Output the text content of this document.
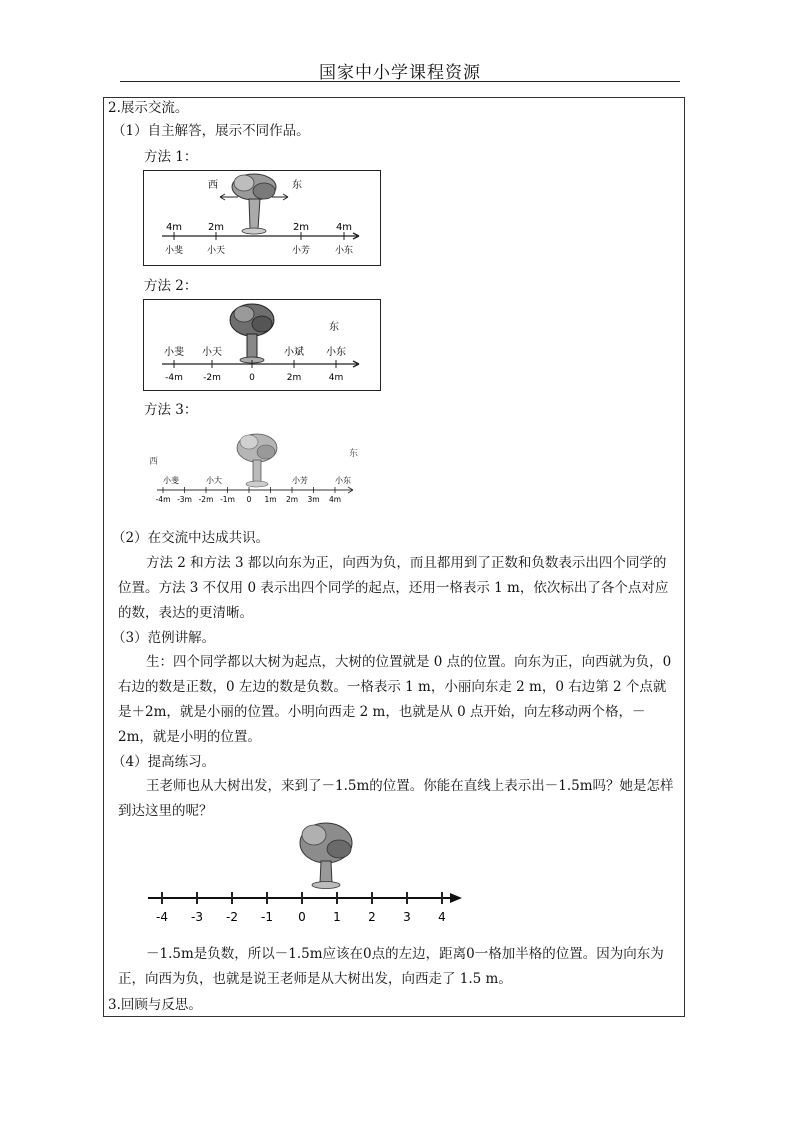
国家中小学课程资源
2.展示交流。
（1）自主解答，展示不同作品。
方法 1：
西	东
4m	2m	2m	4m
小斐	小天	小芳	小东
方法 2：
东
小斐 小天	小斌 小东
-4m -2m	0	2m	4m
方法 3：
西
东
小斐	小大	小芳	小东
-4m -3m -2m -1m 0 1m 2m 3m 4m
（2）在交流中达成共识。
方法 2 和方法 3 都以向东为正，向西为负，而且都用到了正数和负数表示出四个同学的位置。方法 3 不仅用 0 表示出四个同学的起点，还用一格表示 1 m，依次标出了各个点对应的数，表达的更清晰。
（3）范例讲解。
生：四个同学都以大树为起点，大树的位置就是 0 点的位置。向东为正，向西就为负，0 右边的数是正数，0 左边的数是负数。一格表示 1 m，小丽向东走 2 m，0 右边第 2 个点就是＋2m，就是小丽的位置。小明向西走 2 m，也就是从 0 点开始，向左移动两个格，－2m，就是小明的位置。
（4）提高练习。
王老师也从大树出发，来到了－1.5m的位置。你能在直线上表示出－1.5m吗？她是怎样到达这里的呢？
-4 -3 -2 -1 0 1 2 3 4
－1.5m是负数，所以－1.5m应该在0点的左边，距离0一格加半格的位置。因为向东为正，向西为负，也就是说王老师是从大树出发，向西走了 1.5 m。
3.回顾与反思。
